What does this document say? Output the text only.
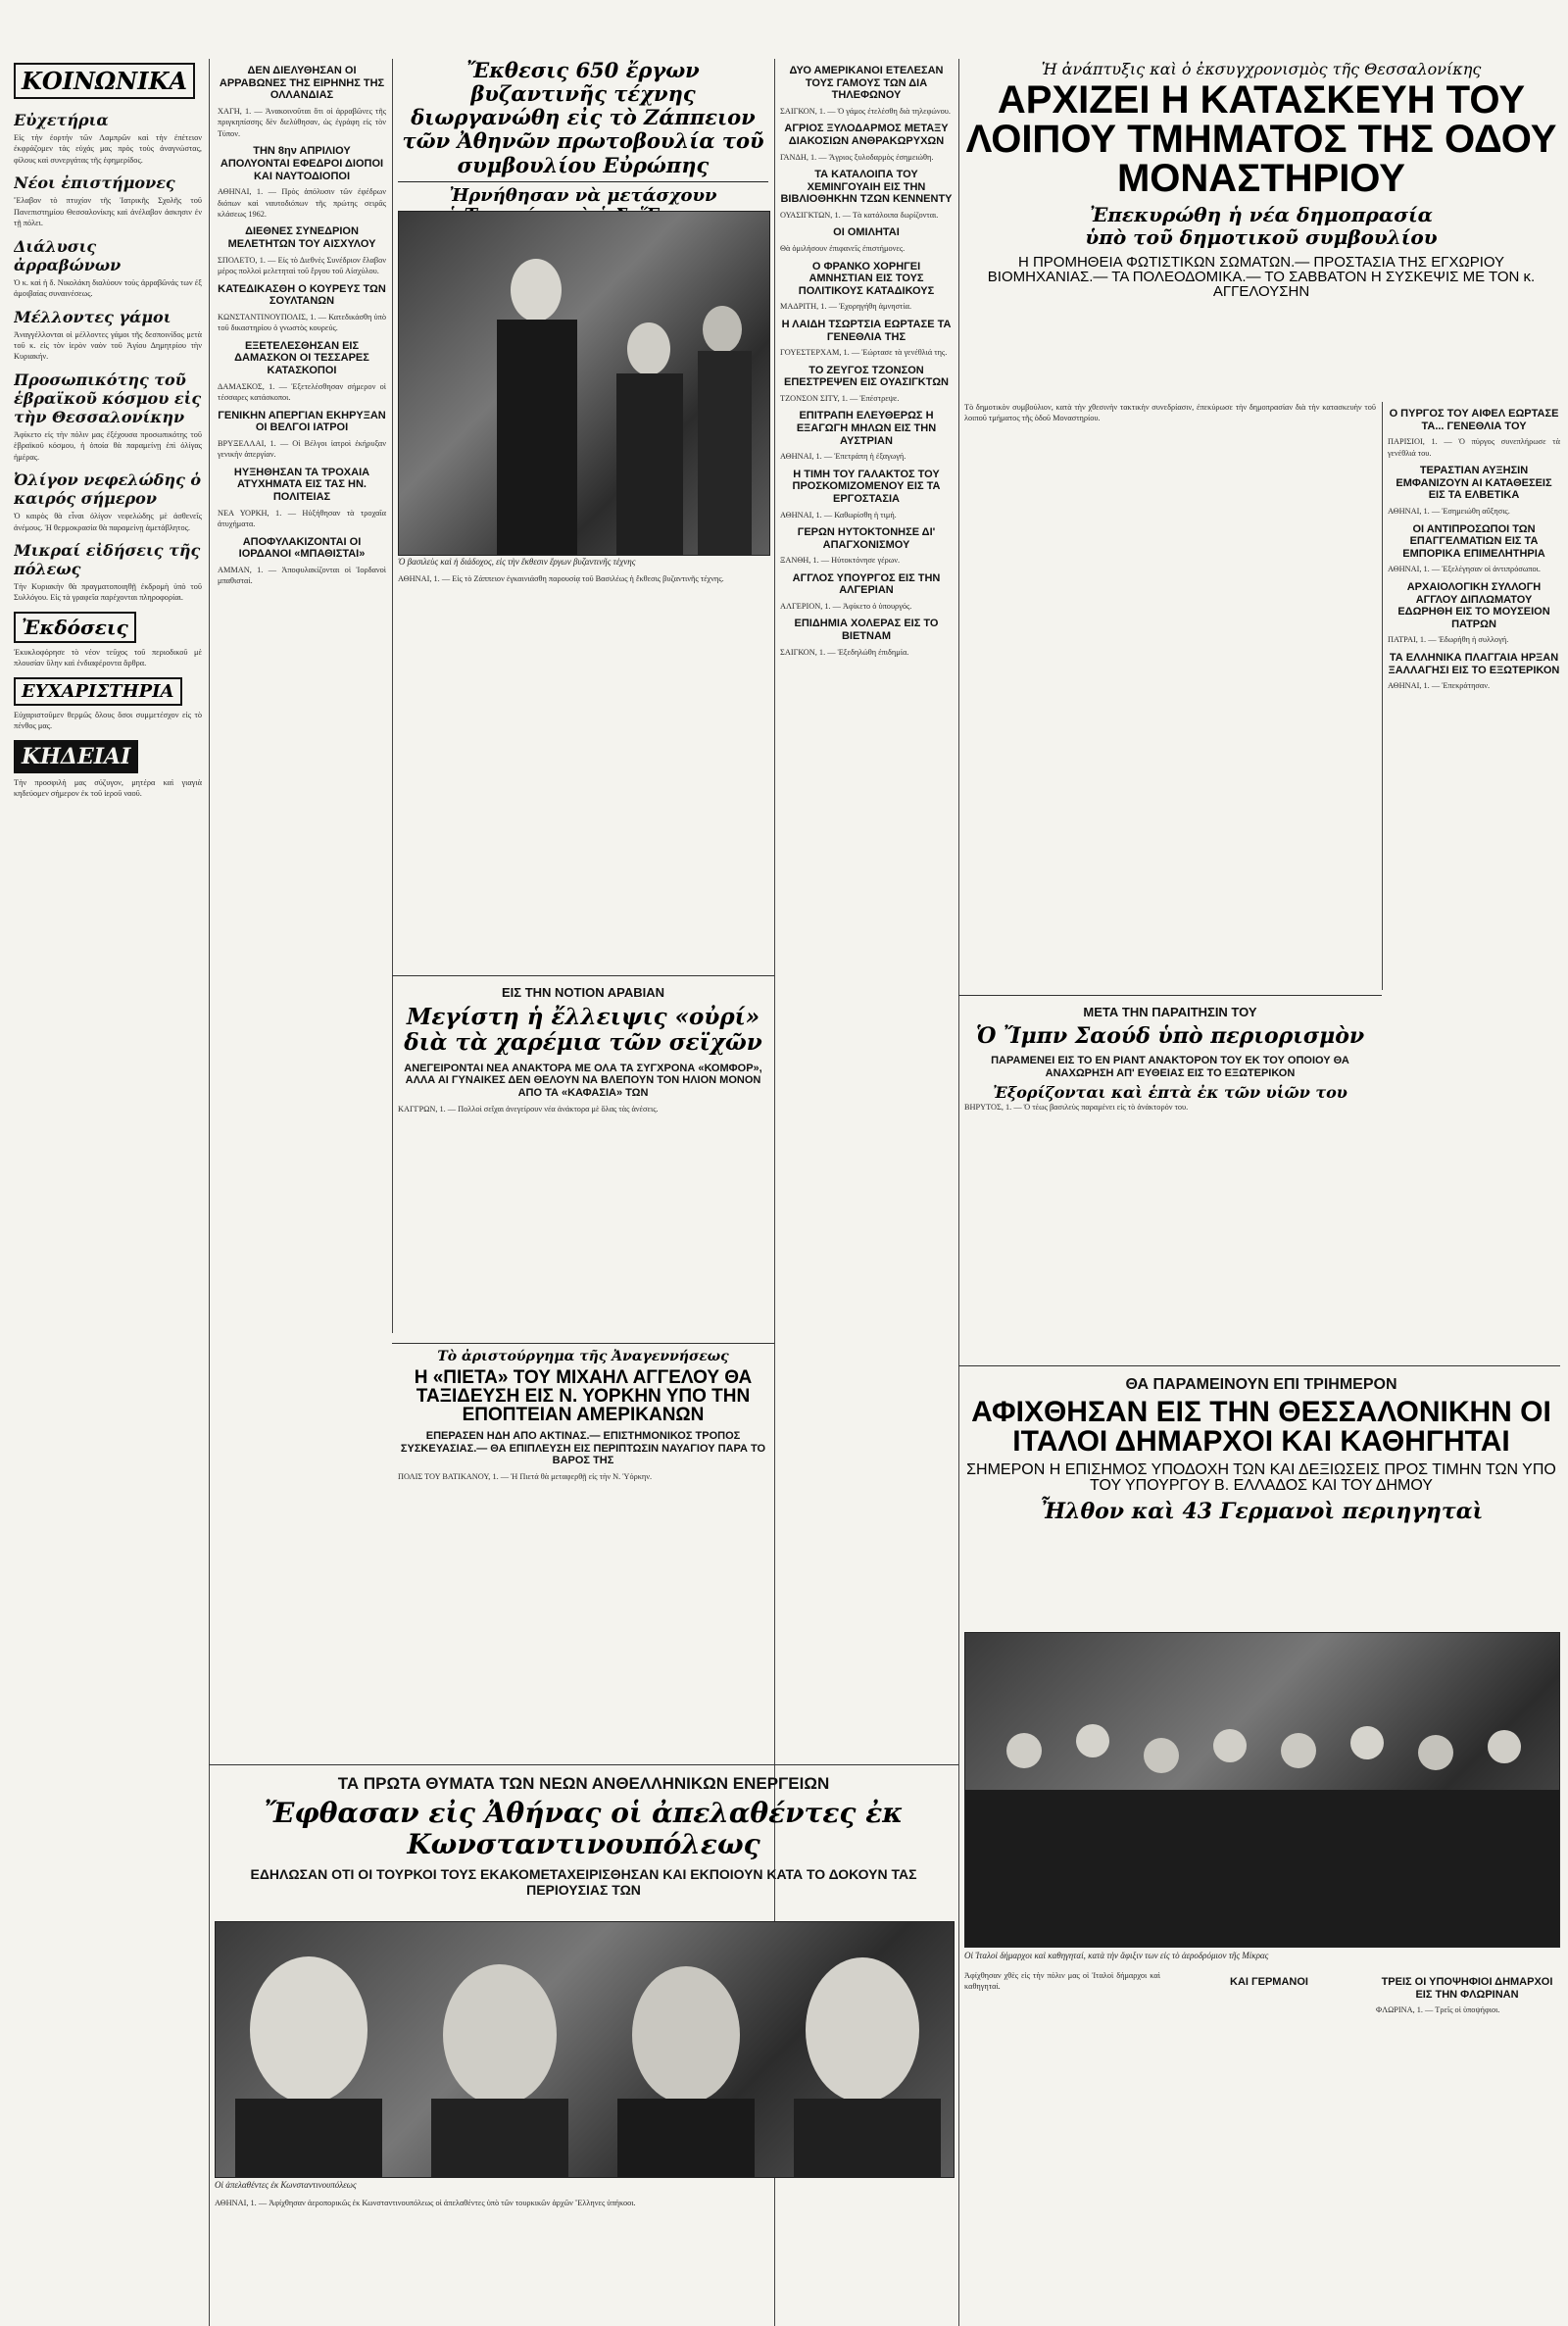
ΚΟΙΝΩΝΙΚΑ
Εὐχετήρια

Εἰς τὴν ἐορτήν τῶν Λαμπρῶν καὶ τὴν ἐπέτειον ἐκφράζομεν τὰς εὐχάς μας πρὸς τοὺς ἀναγνώστας, φίλους καὶ συνεργάτας τῆς ἐφημερίδος.

Νέοι ἐπιστήμονες

Ἔλαβον τὸ πτυχίον τῆς Ἰατρικῆς Σχολῆς τοῦ Πανεπιστημίου Θεσσαλονίκης καὶ ἀνέλαβον ἀσκησιν ἐν τῇ πόλει.

Διάλυσις ἀρραβώνων

Ὁ κ. καὶ ἡ δ. Νικολάκη διαλύουν τοὺς ἀρραβῶνάς των ἐξ ἀμοιβαίας συναινέσεως.

Μέλλοντες γάμοι

Ἀναγγέλλονται οἱ μέλλοντες γάμοι τῆς δεσποινίδος μετὰ τοῦ κ. εἰς τὸν ἱερὸν ναὸν τοῦ Ἁγίου Δημητρίου τὴν Κυριακήν.

Προσωπικότης τοῦ ἑβραϊκοῦ κόσμου εἰς τὴν Θεσσαλονίκην

Ἀφίκετο εἰς τὴν πόλιν μας ἐξέχουσα προσωπικότης τοῦ ἑβραϊκοῦ κόσμου, ἡ ὁποία θὰ παραμείνῃ ἐπὶ ὀλίγας ἡμέρας.

Ὀλίγον νεφελώδης ὁ καιρός σήμερον

Ὁ καιρὸς θὰ εἶναι ὀλίγον νεφελώδης μὲ ἀσθενεῖς ἀνέμους. Ἡ θερμοκρασία θὰ παραμείνῃ ἀμετάβλητος.

Μικραί εἰδήσεις τῆς πόλεως

Τὴν Κυριακὴν θὰ πραγματοποιηθῇ ἐκδρομὴ ὑπὸ τοῦ Συλλόγου. Εἰς τὰ γραφεῖα παρέχονται πληροφορίαι.

Ἐκδόσεις

Ἐκυκλοφόρησε τὸ νέον τεῦχος τοῦ περιοδικοῦ μὲ πλουσίαν ὕλην καὶ ἐνδιαφέροντα ἄρθρα.

ΕΥΧΑΡΙΣΤΗΡΙΑ

Εὐχαριστοῦμεν θερμῶς ὅλους ὅσοι συμμετέσχον εἰς τὸ πένθος μας.

ΚΗΔΕΙΑΙ

Τὴν προσφιλή μας σύζυγον, μητέρα καὶ γιαγιὰ κηδεύομεν σήμερον ἐκ τοῦ ἱεροῦ ναοῦ.

ΔΕΝ ΔΙΕΛΥΘΗΣΑΝ ΟΙ ΑΡΡΑΒΩΝΕΣ ΤΗΣ ΕΙΡΗΝΗΣ ΤΗΣ ΟΛΛΑΝΔΙΑΣ

ΧΑΓΗ, 1. — Ἀνακοινοῦται ὅτι οἱ ἀρραβῶνες τῆς πριγκηπίσσης δὲν διελύθησαν, ὡς ἐγράφη εἰς τὸν Τύπον.

ΤΗΝ 8ην ΑΠΡΙΛΙΟΥ ΑΠΟΛΥΟΝΤΑΙ ΕΦΕΔΡΟΙ ΔΙΟΠΟΙ ΚΑΙ ΝΑΥΤΟΔΙΟΠΟΙ

ΑΘΗΝΑΙ, 1. — Πρὸς ἀπόλυσιν τῶν ἐφέδρων διόπων καὶ ναυτοδιόπων τῆς πρώτης σειρᾶς κλάσεως 1962.

ΔΙΕΘΝΕΣ ΣΥΝΕΔΡΙΟΝ ΜΕΛΕΤΗΤΩΝ ΤΟΥ ΑΙΣΧΥΛΟΥ

ΣΠΟΛΕΤΟ, 1. — Εἰς τὸ Διεθνὲς Συνέδριον ἔλαβον μέρος πολλοὶ μελετηταὶ τοῦ ἔργου τοῦ Αἰσχύλου.

ΚΑΤΕΔΙΚΑΣΘΗ Ο ΚΟΥΡΕΥΣ ΤΩΝ ΣΟΥΛΤΑΝΩΝ

ΚΩΝΣΤΑΝΤΙΝΟΥΠΟΛΙΣ, 1. — Κατεδικάσθη ὑπὸ τοῦ δικαστηρίου ὁ γνωστὸς κουρεύς.

ΕΞΕΤΕΛΕΣΘΗΣΑΝ ΕΙΣ ΔΑΜΑΣΚΟΝ ΟΙ ΤΕΣΣΑΡΕΣ ΚΑΤΑΣΚΟΠΟΙ

ΔΑΜΑΣΚΟΣ, 1. — Ἐξετελέσθησαν σήμερον οἱ τέσσαρες κατάσκοποι.

ΓΕΝΙΚΗΝ ΑΠΕΡΓΙΑΝ ΕΚΗΡΥΞΑΝ ΟΙ ΒΕΛΓΟΙ ΙΑΤΡΟΙ

ΒΡΥΞΕΛΛΑΙ, 1. — Οἱ Βέλγοι ἰατροὶ ἐκήρυξαν γενικὴν ἀπεργίαν.

ΗΥΞΗΘΗΣΑΝ ΤΑ ΤΡΟΧΑΙΑ ΑΤΥΧΗΜΑΤΑ ΕΙΣ ΤΑΣ ΗΝ. ΠΟΛΙΤΕΙΑΣ

ΝΕΑ ΥΟΡΚΗ, 1. — Ηὐξήθησαν τὰ τροχαῖα ἀτυχήματα.

ΑΠΟΦΥΛΑΚΙΖΟΝΤΑΙ ΟΙ ΙΟΡΔΑΝΟΙ «ΜΠΑΘΙΣΤΑΙ»

ΑΜΜΑΝ, 1. — Ἀποφυλακίζονται οἱ Ἰορδανοὶ μπαθισταί.

Ἔκθεσις 650 ἔργων βυζαντινῆς τέχνης διωργανώθη εἰς τὸ Ζάππειον τῶν Ἀθηνῶν πρωτοβουλία τοῦ συμβουλίου Εὐρώπης

Ἠρνήθησαν νὰ μετάσχουν

Ὁ βασιλεὺς καὶ ἡ διάδοχος, εἰς τὴν ἔκθεσιν ἔργων βυζαντινῆς τέχνης

ΑΘΗΝΑΙ, 1. — Εἰς τὸ Ζάππειον ἐγκαινιάσθη παρουσίᾳ τοῦ Βασιλέως ἡ ἔκθεσις βυζαντινῆς τέχνης.

ΕΙΣ ΤΗΝ ΝΟΤΙΟΝ ΑΡΑΒΙΑΝ

Μεγίστη ἡ ἔλλειψις «οὐρί» διὰ τὰ χαρέμια τῶν σεϊχῶν

ΑΝΕΓΕΙΡΟΝΤΑΙ ΝΕΑ ΑΝΑΚΤΟΡΑ ΜΕ ΟΛΑ ΤΑ ΣΥΓΧΡΟΝΑ «ΚΟΜΦΟΡ», ΑΛΛΑ ΑΙ ΓΥΝΑΙΚΕΣ ΔΕΝ ΘΕΛΟΥΝ ΝΑ ΒΛΕΠΟΥΝ ΤΟΝ ΗΛΙΟΝ ΜΟΝΟΝ ΑΠΟ ΤΑ «ΚΑΦΑΣΙΑ» ΤΩΝ

ΚΑΓΓΡΩΝ, 1. — Πολλοὶ σεΐχαι ἀνεγείρουν νέα ἀνάκτορα μὲ ὅλας τὰς ἀνέσεις.

Τὸ ἀριστούργημα τῆς Ἀναγεννήσεως

Η «ΠΙΕΤΑ» ΤΟΥ ΜΙΧΑΗΛ ΑΓΓΕΛΟΥ ΘΑ ΤΑΞΙΔΕΥΣΗ ΕΙΣ Ν. ΥΟΡΚΗΝ ΥΠΟ ΤΗΝ ΕΠΟΠΤΕΙΑΝ ΑΜΕΡΙΚΑΝΩΝ

ΕΠΕΡΑΣΕΝ ΗΔΗ ΑΠΟ ΑΚΤΙΝΑΣ.— ΕΠΙΣΤΗΜΟΝΙΚΟΣ ΤΡΟΠΟΣ ΣΥΣΚΕΥΑΣΙΑΣ.— ΘΑ ΕΠΙΠΛΕΥΣΗ ΕΙΣ ΠΕΡΙΠΤΩΣΙΝ ΝΑΥΑΓΙΟΥ ΠΑΡΑ ΤΟ ΒΑΡΟΣ ΤΗΣ

ΠΟΛΙΣ ΤΟΥ ΒΑΤΙΚΑΝΟΥ, 1. — Ἡ Πιετά θὰ μεταφερθῇ εἰς τὴν Ν. Ὑόρκην.

ΔΥΟ ΑΜΕΡΙΚΑΝΟΙ ΕΤΕΛΕΣΑΝ ΤΟΥΣ ΓΑΜΟΥΣ ΤΩΝ ΔΙΑ ΤΗΛΕΦΩΝΟΥ

ΣΑΙΓΚΟΝ, 1. — Ὁ γάμος ἐτελέσθη διὰ τηλεφώνου.

ΑΓΡΙΟΣ ΞΥΛΟΔΑΡΜΟΣ ΜΕΤΑΞΥ ΔΙΑΚΟΣΙΩΝ ΑΝΘΡΑΚΩΡΥΧΩΝ

ΓΑΝΔΗ, 1. — Ἄγριος ξυλοδαρμὸς ἐσημειώθη.

ΤΑ ΚΑΤΑΛΟΙΠΑ ΤΟΥ ΧΕΜΙΝΓΟΥΑΙΗ ΕΙΣ ΤΗΝ ΒΙΒΛΙΟΘΗΚΗΝ ΤΖΩΝ ΚΕΝΝΕΝΤΥ

ΟΥΑΣΙΓΚΤΩΝ, 1. — Τὰ κατάλοιπα δωρίζονται.

ΟΙ ΟΜΙΛΗΤΑΙ

Θὰ ὁμιλήσουν ἐπιφανεῖς ἐπιστήμονες.

Ο ΦΡΑΝΚΟ ΧΟΡΗΓΕΙ ΑΜΝΗΣΤΙΑΝ ΕΙΣ ΤΟΥΣ ΠΟΛΙΤΙΚΟΥΣ ΚΑΤΑΔΙΚΟΥΣ

ΜΑΔΡΙΤΗ, 1. — Ἐχορηγήθη ἀμνηστία.

Η ΛΑΙΔΗ ΤΣΩΡΤΣΙΑ ΕΩΡΤΑΣΕ ΤΑ ΓΕΝΕΘΛΙΑ ΤΗΣ

ΓΟΥΕΣΤΕΡΧΑΜ, 1. — Ἑώρτασε τὰ γενέθλιά της.

ΤΟ ΖΕΥΓΟΣ ΤΖΟΝΣΟΝ ΕΠΕΣΤΡΕΨΕΝ ΕΙΣ ΟΥΑΣΙΓΚΤΩΝ

ΤΖΟΝΣΟΝ ΣΙΤΥ, 1. — Ἐπέστρεψε.

ΕΠΙΤΡΑΠΗ ΕΛΕΥΘΕΡΩΣ Η ΕΞΑΓΩΓΗ ΜΗΛΩΝ ΕΙΣ ΤΗΝ ΑΥΣΤΡΙΑΝ

ΑΘΗΝΑΙ, 1. — Ἐπετράπη ἡ ἐξαγωγή.

Η ΤΙΜΗ ΤΟΥ ΓΑΛΑΚΤΟΣ ΤΟΥ ΠΡΟΣΚΟΜΙΖΟΜΕΝΟΥ ΕΙΣ ΤΑ ΕΡΓΟΣΤΑΣΙΑ

ΑΘΗΝΑΙ, 1. — Καθωρίσθη ἡ τιμή.

ΓΕΡΩΝ ΗΥΤΟΚΤΟΝΗΣΕ ΔΙ' ΑΠΑΓΧΟΝΙΣΜΟΥ

ΞΑΝΘΗ, 1. — Ηὐτοκτόνησε γέρων.

ΑΓΓΛΟΣ ΥΠΟΥΡΓΟΣ ΕΙΣ ΤΗΝ ΑΛΓΕΡΙΑΝ

ΑΛΓΕΡΙΟΝ, 1. — Ἀφίκετο ὁ ὑπουργός.

ΕΠΙΔΗΜΙΑ ΧΟΛΕΡΑΣ ΕΙΣ ΤΟ ΒΙΕΤΝΑΜ

ΣΑΙΓΚΟΝ, 1. — Ἐξεδηλώθη ἐπιδημία.

Ἡ ἀνάπτυξις καὶ ὁ ἐκσυγχρονισμὸς τῆς Θεσσαλονίκης

ΑΡΧΙΖΕΙ Η ΚΑΤΑΣΚΕΥΗ ΤΟΥ ΛΟΙΠΟΥ ΤΜΗΜΑΤΟΣ ΤΗΣ ΟΔΟΥ ΜΟΝΑΣΤΗΡΙΟΥ

Ἐπεκυρώθη ἡ νέα δημοπρασία

ὑπὸ τοῦ δημοτικοῦ συμβουλίου

Η ΠΡΟΜΗΘΕΙΑ ΦΩΤΙΣΤΙΚΩΝ ΣΩΜΑΤΩΝ.— ΠΡΟΣΤΑΣΙΑ ΤΗΣ ΕΓΧΩΡΙΟΥ ΒΙΟΜΗΧΑΝΙΑΣ.— ΤΑ ΠΟΛΕΟΔΟΜΙΚΑ.— ΤΟ ΣΑΒΒΑΤΟΝ Η ΣΥΣΚΕΨΙΣ ΜΕ ΤΟΝ κ. ΑΓΓΕΛΟΥΣΗΝ

Τὸ δημοτικὸν συμβούλιον, κατὰ τὴν χθεσινὴν τακτικὴν συνεδρίασιν, ἐπεκύρωσε τὴν δημοπρασίαν διὰ τὴν κατασκευὴν τοῦ λοιποῦ τμήματος τῆς ὁδοῦ Μοναστηρίου.	Ο ΠΥΡΓΟΣ ΤΟΥ ΑΙΦΕΛ ΕΩΡΤΑΣΕ ΤΑ... ΓΕΝΕΘΛΙΑ ΤΟΥ

ΠΑΡΙΣΙΟΙ, 1. — Ὁ πύργος συνεπλήρωσε τὰ γενέθλιά του.

ΤΕΡΑΣΤΙΑΝ ΑΥΞΗΣΙΝ ΕΜΦΑΝΙΖΟΥΝ ΑΙ ΚΑΤΑΘΕΣΕΙΣ ΕΙΣ ΤΑ ΕΛΒΕΤΙΚΑ

ΑΘΗΝΑΙ, 1. — Ἐσημειώθη αὔξησις.

ΟΙ ΑΝΤΙΠΡΟΣΩΠΟΙ ΤΩΝ ΕΠΑΓΓΕΛΜΑΤΙΩΝ ΕΙΣ ΤΑ ΕΜΠΟΡΙΚΑ ΕΠΙΜΕΛΗΤΗΡΙΑ

ΑΘΗΝΑΙ, 1. — Ἐξελέγησαν οἱ ἀντιπρόσωποι.

ΑΡΧΑΙΟΛΟΓΙΚΗ ΣΥΛΛΟΓΗ ΑΓΓΛΟΥ ΔΙΠΛΩΜΑΤΟΥ ΕΔΩΡΗΘΗ ΕΙΣ ΤΟ ΜΟΥΣΕΙΟΝ ΠΑΤΡΩΝ

ΠΑΤΡΑΙ, 1. — Ἐδωρήθη ἡ συλλογή.

ΤΑ ΕΛΛΗΝΙΚΑ ΠΛΑΓΓΑΙΑ ΗΡΞΑΝ ΞΑΛΛΑΓΗΣΙ ΕΙΣ ΤΟ ΕΞΩΤΕΡΙΚΟΝ

ΑΘΗΝΑΙ, 1. — Ἐπεκράτησαν.

ΜΕΤΑ ΤΗΝ ΠΑΡΑΙΤΗΣΙΝ ΤΟΥ

Ὁ Ἴμπν Σαούδ ὑπὸ περιορισμὸν

ΠΑΡΑΜΕΝΕΙ ΕΙΣ ΤΟ ΕΝ ΡΙΑΝΤ ΑΝΑΚΤΟΡΟΝ ΤΟΥ ΕΚ ΤΟΥ ΟΠΟΙΟΥ ΘΑ ΑΝΑΧΩΡΗΣΗ ΑΠ' ΕΥΘΕΙΑΣ ΕΙΣ ΤΟ ΕΞΩΤΕΡΙΚΟΝ

Ἐξορίζονται καὶ ἑπτὰ ἐκ τῶν υἱῶν του

ΒΗΡΥΤΟΣ, 1. — Ὁ τέως βασιλεὺς παραμένει εἰς τὸ ἀνάκτορόν του.

ΘΑ ΠΑΡΑΜΕΙΝΟΥΝ ΕΠΙ ΤΡΙΗΜΕΡΟΝ

ΑΦΙΧΘΗΣΑΝ ΕΙΣ ΤΗΝ ΘΕΣΣΑΛΟΝΙΚΗΝ ΟΙ ΙΤΑΛΟΙ ΔΗΜΑΡΧΟΙ ΚΑΙ ΚΑΘΗΓΗΤΑΙ

ΣΗΜΕΡΟΝ Η ΕΠΙΣΗΜΟΣ ΥΠΟΔΟΧΗ ΤΩΝ ΚΑΙ ΔΕΞΙΩΣΕΙΣ ΠΡΟΣ ΤΙΜΗΝ ΤΩΝ ΥΠΟ ΤΟΥ ΥΠΟΥΡΓΟΥ Β. ΕΛΛΑΔΟΣ ΚΑΙ ΤΟΥ ΔΗΜΟΥ

Ἦλθον καὶ 43 Γερμανοὶ περιηγηταὶ

Οἱ Ἰταλοὶ δήμαρχοι καὶ καθηγηταί, κατὰ τὴν ἄφιξιν των εἰς τὸ ἀεροδρόμιον τῆς Μίκρας

Ἀφίχθησαν χθὲς εἰς τὴν πόλιν μας οἱ Ἰταλοὶ δήμαρχοι καὶ καθηγηταί.	ΚΑΙ ΓΕΡΜΑΝΟΙ	ΤΡΕΙΣ ΟΙ ΥΠΟΨΗΦΙΟΙ ΔΗΜΑΡΧΟΙ ΕΙΣ ΤΗΝ ΦΛΩΡΙΝΑΝ

ΦΛΩΡΙΝΑ, 1. — Τρεῖς οἱ ὑποψήφιοι.

ΤΑ ΠΡΩΤΑ ΘΥΜΑΤΑ ΤΩΝ ΝΕΩΝ ΑΝΘΕΛΛΗΝΙΚΩΝ ΕΝΕΡΓΕΙΩΝ

Ἔφθασαν εἰς Ἀθήνας οἱ ἀπελαθέντες ἐκ Κωνσταντινουπόλεως

ΕΔΗΛΩΣΑΝ ΟΤΙ ΟΙ ΤΟΥΡΚΟΙ ΤΟΥΣ ΕΚΑΚΟΜΕΤΑΧΕΙΡΙΣΘΗΣΑΝ ΚΑΙ ΕΚΠΟΙΟΥΝ ΚΑΤΑ ΤΟ ΔΟΚΟΥΝ ΤΑΣ ΠΕΡΙΟΥΣΙΑΣ ΤΩΝ
Οἱ ἀπελαθέντες ἐκ Κωνσταντινουπόλεως

ΑΘΗΝΑΙ, 1. — Ἀφίχθησαν ἀεροπορικῶς ἐκ Κωνσταντινουπόλεως οἱ ἀπελαθέντες ὑπὸ τῶν τουρκικῶν ἀρχῶν Ἕλληνες ὑπήκοοι.
